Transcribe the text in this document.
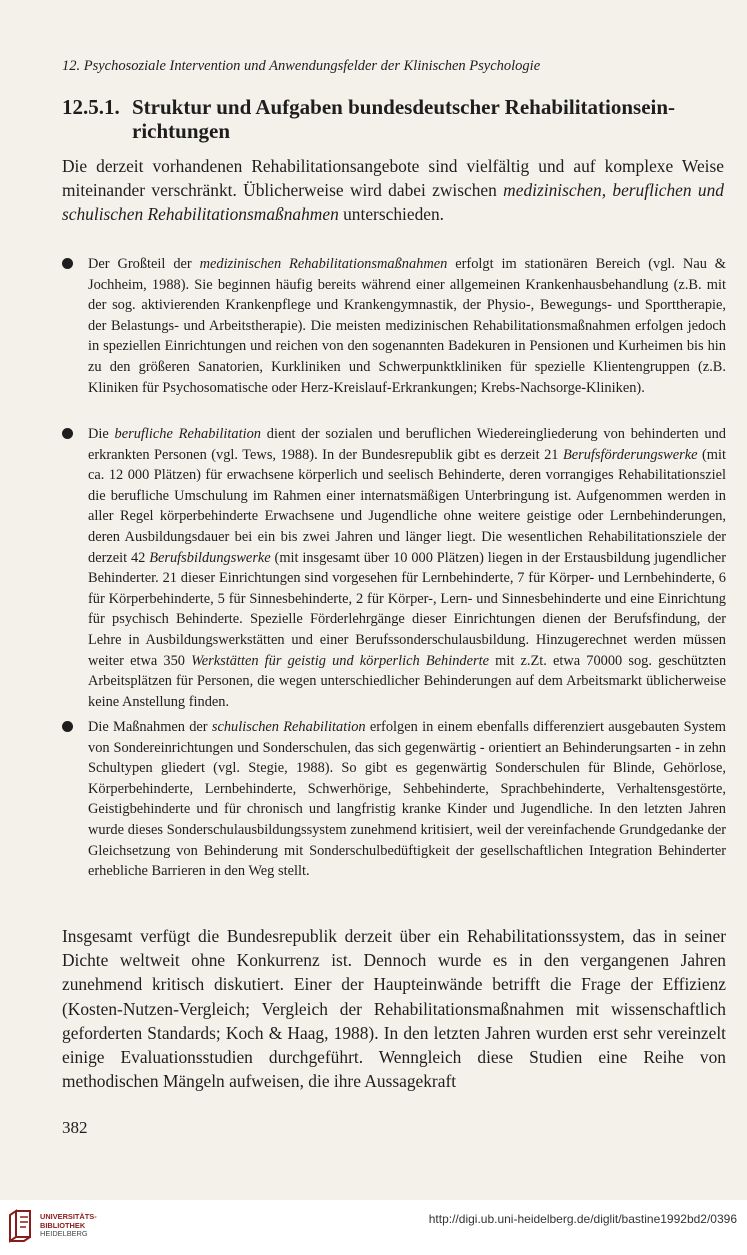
12. Psychosoziale Intervention und Anwendungsfelder der Klinischen Psychologie
12.5.1. Struktur und Aufgaben bundesdeutscher Rehabilitationsein-
richtungen

Die derzeit vorhandenen Rehabilitationsangebote sind vielfältig und auf komplexe Weise miteinander verschränkt. Üblicherweise wird dabei zwischen medizinischen, beruflichen und schulischen Rehabilitationsmaßnahmen unterschieden.

Der Großteil der medizinischen Rehabilitationsmaßnahmen erfolgt im stationären Bereich (vgl. Nau & Jochheim, 1988). Sie beginnen häufig bereits während einer allgemeinen Krankenhausbehandlung (z.B. mit der sog. aktivierenden Krankenpflege und Krankengymnastik, der Physio-, Bewegungs- und Sporttherapie, der Belastungs- und Arbeitstherapie). Die meisten medizinischen Rehabilitationsmaßnahmen erfolgen jedoch in speziellen Einrichtungen und reichen von den sogenannten Badekuren in Pensionen und Kurheimen bis hin zu den größeren Sanatorien, Kurkliniken und Schwerpunktkliniken für spezielle Klientengruppen (z.B. Kliniken für Psychosomatische oder Herz-Kreislauf-Erkrankungen; Krebs-Nachsorge-Kliniken).

Die berufliche Rehabilitation dient der sozialen und beruflichen Wiedereingliederung von behinderten und erkrankten Personen (vgl. Tews, 1988). In der Bundesrepublik gibt es derzeit 21 Berufsförderungswerke (mit ca. 12 000 Plätzen) für erwachsene körperlich und seelisch Behinderte, deren vorrangiges Rehabilitationsziel die berufliche Umschulung im Rahmen einer internatsmäßigen Unterbringung ist. Aufgenommen werden in aller Regel körperbehinderte Erwachsene und Jugendliche ohne weitere geistige oder Lernbehinderungen, deren Ausbildungsdauer bei ein bis zwei Jahren und länger liegt. Die wesentlichen Rehabilitationsziele der derzeit 42 Berufsbildungswerke (mit insgesamt über 10 000 Plätzen) liegen in der Erstausbildung jugendlicher Behinderter. 21 dieser Einrichtungen sind vorgesehen für Lernbehinderte, 7 für Körper- und Lernbehinderte, 6 für Körperbehinderte, 5 für Sinnesbehinderte, 2 für Körper-, Lern- und Sinnesbehinderte und eine Einrichtung für psychisch Behinderte. Spezielle Förderlehrgänge dieser Einrichtungen dienen der Berufsfindung, der Lehre in Ausbildungswerkstätten und einer Berufssonderschulausbildung. Hinzugerechnet werden müssen weiter etwa 350 Werkstätten für geistig und körperlich Behinderte mit z.Zt. etwa 70000 sog. geschützten Arbeitsplätzen für Personen, die wegen unterschiedlicher Behinderungen auf dem Arbeitsmarkt üblicherweise keine Anstellung finden.

Die Maßnahmen der schulischen Rehabilitation erfolgen in einem ebenfalls differenziert ausgebauten System von Sondereinrichtungen und Sonderschulen, das sich gegenwärtig - orientiert an Behinderungsarten - in zehn Schultypen gliedert (vgl. Stegie, 1988). So gibt es gegenwärtig Sonderschulen für Blinde, Gehörlose, Körperbehinderte, Lernbehinderte, Schwerhörige, Sehbehinderte, Sprachbehinderte, Verhaltensgestörte, Geistigbehinderte und für chronisch und langfristig kranke Kinder und Jugendliche. In den letzten Jahren wurde dieses Sonderschulausbildungssystem zunehmend kritisiert, weil der vereinfachende Grundgedanke der Gleichsetzung von Behinderung mit Sonderschulbedüftigkeit der gesellschaftlichen Integration Behinderter erhebliche Barrieren in den Weg stellt.

Insgesamt verfügt die Bundesrepublik derzeit über ein Rehabilitationssystem, das in seiner Dichte weltweit ohne Konkurrenz ist. Dennoch wurde es in den vergangenen Jahren zunehmend kritisch diskutiert. Einer der Haupteinwände betrifft die Frage der Effizienz (Kosten-Nutzen-Vergleich; Vergleich der Rehabilitationsmaßnahmen mit wissenschaftlich geforderten Standards; Koch & Haag, 1988). In den letzten Jahren wurden erst sehr vereinzelt einige Evaluationsstudien durchgeführt. Wenngleich diese Studien eine Reihe von methodischen Mängeln aufweisen, die ihre Aussagekraft

382
UNIVERSITÄTS-
BIBLIOTHEK
HEIDELBERG
http://digi.ub.uni-heidelberg.de/diglit/bastine1992bd2/0396
